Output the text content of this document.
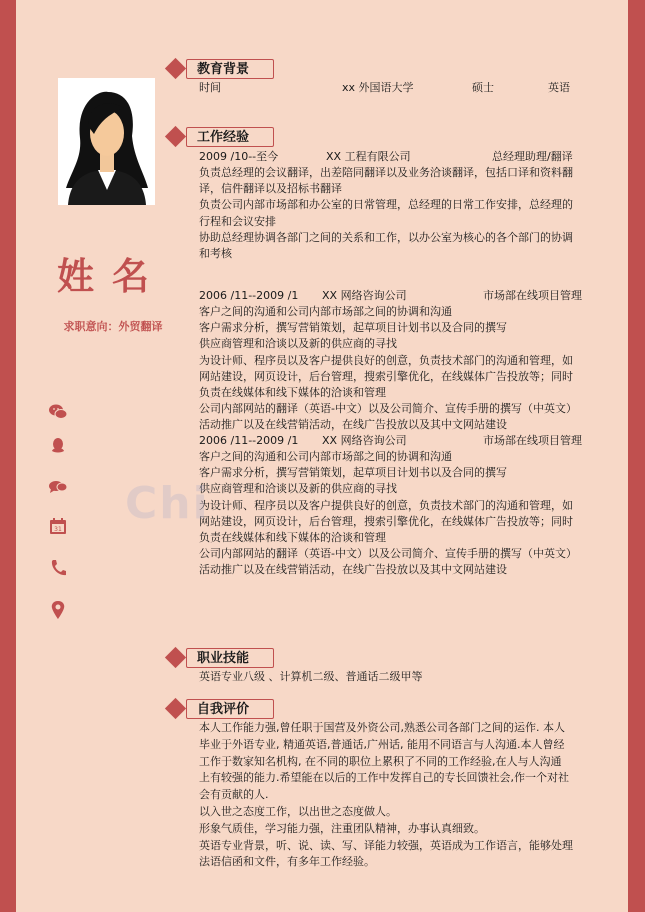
姓名
求职意向：外贸翻译
31
教育背景
时间	xx 外国语大学	硕士	英语
工作经验
2009 /10--至今	XX 工程有限公司	总经理助理/翻译
负责总经理的会议翻译，出差陪同翻译以及业务洽谈翻译，包括口译和资料翻
译，信件翻译以及招标书翻译
负责公司内部市场部和办公室的日常管理，总经理的日常工作安排，总经理的
行程和会议安排
协助总经理协调各部门之间的关系和工作，以办公室为核心的各个部门的协调
和考核
2006 /11--2009 /1 XX 网络咨询公司	市场部在线项目管理
客户之间的沟通和公司内部市场部之间的协调和沟通
客户需求分析，撰写营销策划，起草项目计划书以及合同的撰写
供应商管理和洽谈以及新的供应商的寻找
为设计师、程序员以及客户提供良好的创意，负责技术部门的沟通和管理，如
网站建设，网页设计，后台管理，搜索引擎优化，在线媒体广告投放等；同时
负责在线媒体和线下媒体的洽谈和管理
公司内部网站的翻译（英语-中文）以及公司简介、宣传手册的撰写（中英文）
活动推广以及在线营销活动，在线广告投放以及其中文网站建设
2006 /11--2009 /1 XX 网络咨询公司	市场部在线项目管理
客户之间的沟通和公司内部市场部之间的协调和沟通
客户需求分析，撰写营销策划，起草项目计划书以及合同的撰写
供应商管理和洽谈以及新的供应商的寻找
为设计师、程序员以及客户提供良好的创意，负责技术部门的沟通和管理，如
网站建设，网页设计，后台管理，搜索引擎优化，在线媒体广告投放等；同时
负责在线媒体和线下媒体的洽谈和管理
公司内部网站的翻译（英语-中文）以及公司简介、宣传手册的撰写（中英文）
活动推广以及在线营销活动，在线广告投放以及其中文网站建设
Chi
职业技能
英语专业八级 、计算机二级、普通话二级甲等
自我评价
本人工作能力强,曾任职于国营及外资公司,熟悉公司各部门之间的运作. 本人
毕业于外语专业, 精通英语,普通话,广州话, 能用不同语言与人沟通.本人曾经
工作于数家知名机构, 在不同的职位上累积了不同的工作经验,在人与人沟通
上有较强的能力.希望能在以后的工作中发挥自己的专长回馈社会,作一个对社
会有贡献的人.
以入世之态度工作，以出世之态度做人。
形象气质佳，学习能力强，注重团队精神，办事认真细致。
英语专业背景，听、说、读、写、译能力较强，英语成为工作语言，能够处理
法语信函和文件，有多年工作经验。
